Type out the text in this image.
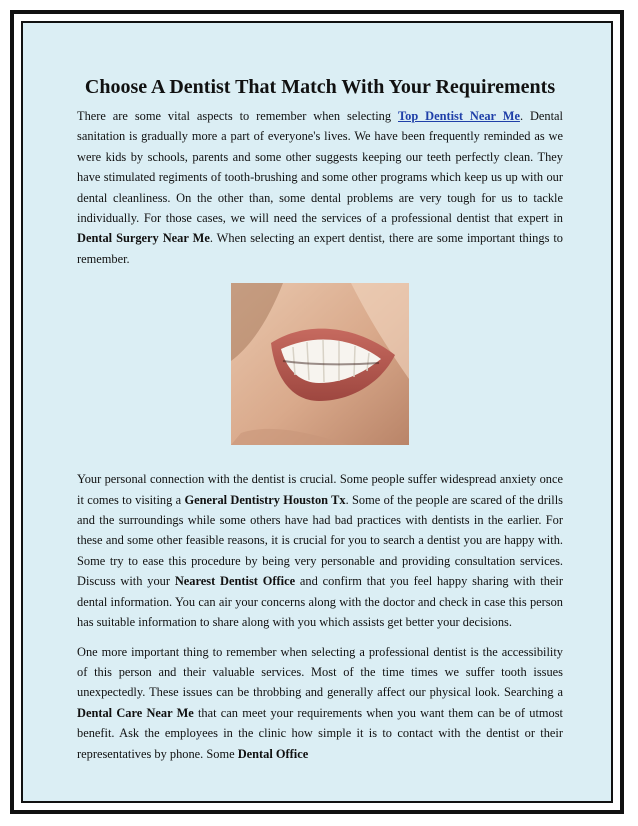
Choose A Dentist That Match With Your Requirements

There are some vital aspects to remember when selecting Top Dentist Near Me. Dental sanitation is gradually more a part of everyone's lives. We have been frequently reminded as we were kids by schools, parents and some other suggests keeping our teeth perfectly clean. They have stimulated regiments of tooth-brushing and some other programs which keep us up with our dental cleanliness. On the other than, some dental problems are very tough for us to tackle individually. For those cases, we will need the services of a professional dentist that expert in Dental Surgery Near Me. When selecting an expert dentist, there are some important things to remember.

Your personal connection with the dentist is crucial. Some people suffer widespread anxiety once it comes to visiting a General Dentistry Houston Tx. Some of the people are scared of the drills and the surroundings while some others have had bad practices with dentists in the earlier. For these and some other feasible reasons, it is crucial for you to search a dentist you are happy with. Some try to ease this procedure by being very personable and providing consultation services. Discuss with your Nearest Dentist Office and confirm that you feel happy sharing with their dental information. You can air your concerns along with the doctor and check in case this person has suitable information to share along with you which assists get better your decisions.

One more important thing to remember when selecting a professional dentist is the accessibility of this person and their valuable services. Most of the time times we suffer tooth issues unexpectedly. These issues can be throbbing and generally affect our physical look. Searching a Dental Care Near Me that can meet your requirements when you want them can be of utmost benefit. Ask the employees in the clinic how simple it is to contact with the dentist or their representatives by phone. Some Dental Office
